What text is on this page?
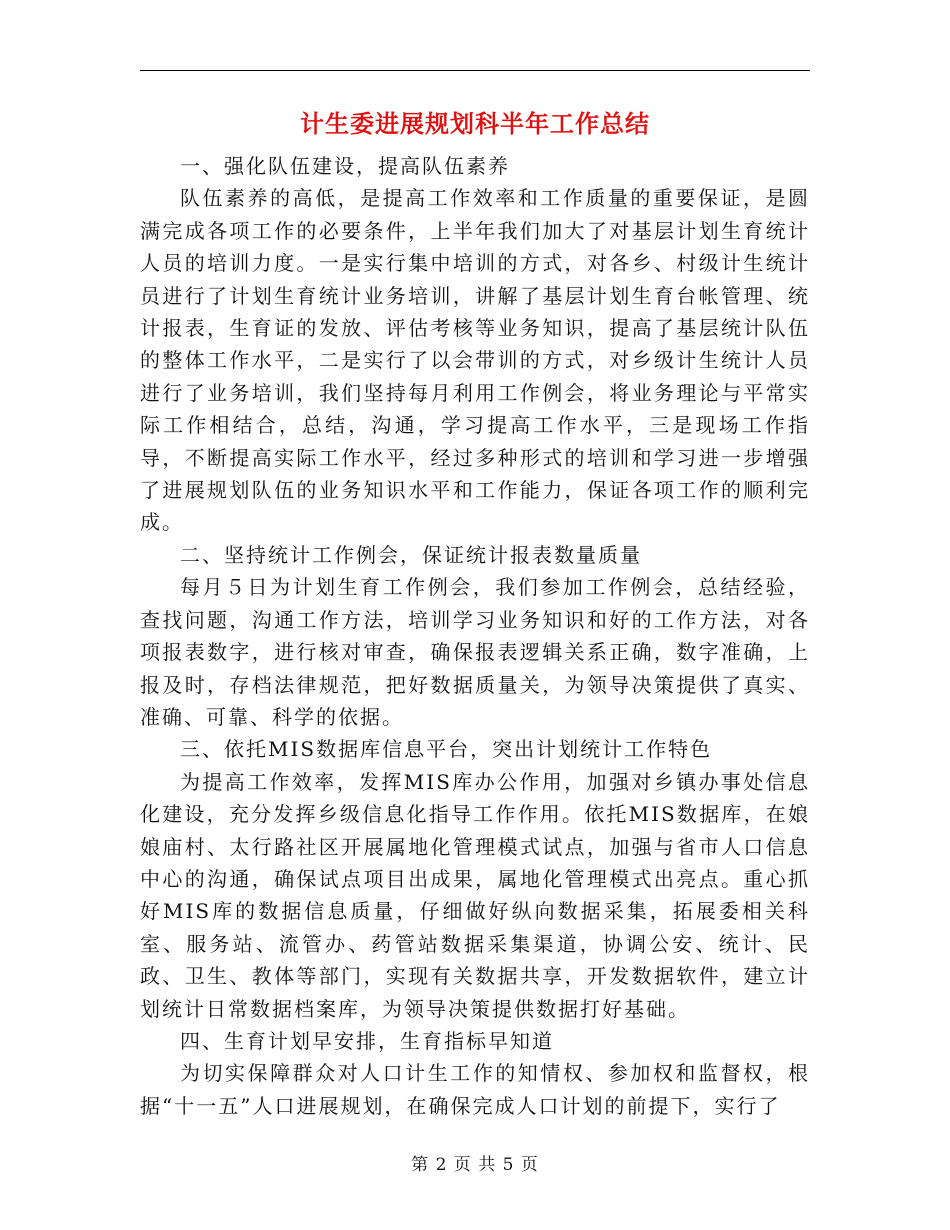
计生委进展规划科半年工作总结

一、强化队伍建设，提高队伍素养

队伍素养的高低，是提高工作效率和工作质量的重要保证，是圆满完成各项工作的必要条件，上半年我们加大了对基层计划生育统计人员的培训力度。一是实行集中培训的方式，对各乡、村级计生统计员进行了计划生育统计业务培训，讲解了基层计划生育台帐管理、统计报表，生育证的发放、评估考核等业务知识，提高了基层统计队伍的整体工作水平，二是实行了以会带训的方式，对乡级计生统计人员进行了业务培训，我们坚持每月利用工作例会，将业务理论与平常实际工作相结合，总结，沟通，学习提高工作水平，三是现场工作指导，不断提高实际工作水平，经过多种形式的培训和学习进一步增强了进展规划队伍的业务知识水平和工作能力，保证各项工作的顺利完成。

二、坚持统计工作例会，保证统计报表数量质量

每月５日为计划生育工作例会，我们参加工作例会，总结经验，查找问题，沟通工作方法，培训学习业务知识和好的工作方法，对各项报表数字，进行核对审查，确保报表逻辑关系正确，数字准确，上报及时，存档法律规范，把好数据质量关，为领导决策提供了真实、准确、可靠、科学的依据。

三、依托MIS数据库信息平台，突出计划统计工作特色

为提高工作效率，发挥MIS库办公作用，加强对乡镇办事处信息化建设，充分发挥乡级信息化指导工作作用。依托MIS数据库，在娘娘庙村、太行路社区开展属地化管理模式试点，加强与省市人口信息中心的沟通，确保试点项目出成果，属地化管理模式出亮点。重心抓好MIS库的数据信息质量，仔细做好纵向数据采集，拓展委相关科室、服务站、流管办、药管站数据采集渠道，协调公安、统计、民政、卫生、教体等部门，实现有关数据共享，开发数据软件，建立计划统计日常数据档案库，为领导决策提供数据打好基础。

四、生育计划早安排，生育指标早知道

为切实保障群众对人口计生工作的知情权、参加权和监督权，根据“十一五”人口进展规划，在确保完成人口计划的前提下，实行了

第 2 页 共 5 页
